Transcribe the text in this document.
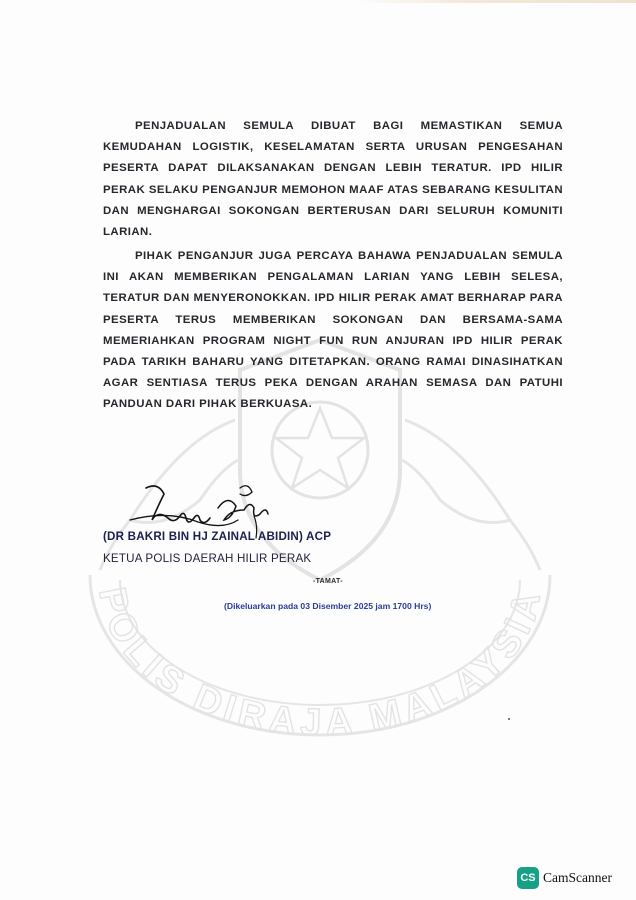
POLIS DIRAJA MALAYSIA

PENJADUALAN SEMULA DIBUAT BAGI MEMASTIKAN SEMUA KEMUDAHAN LOGISTIK, KESELAMATAN SERTA URUSAN PENGESAHAN PESERTA DAPAT DILAKSANAKAN DENGAN LEBIH TERATUR. IPD HILIR PERAK SELAKU PENGANJUR MEMOHON MAAF ATAS SEBARANG KESULITAN DAN MENGHARGAI SOKONGAN BERTERUSAN DARI SELURUH KOMUNITI LARIAN.

PIHAK PENGANJUR JUGA PERCAYA BAHAWA PENJADUALAN SEMULA INI AKAN MEMBERIKAN PENGALAMAN LARIAN YANG LEBIH SELESA, TERATUR DAN MENYERONOKKAN. IPD HILIR PERAK AMAT BERHARAP PARA PESERTA TERUS MEMBERIKAN SOKONGAN DAN BERSAMA-SAMA MEMERIAHKAN PROGRAM NIGHT FUN RUN ANJURAN IPD HILIR PERAK PADA TARIKH BAHARU YANG DITETAPKAN. ORANG RAMAI DINASIHATKAN AGAR SENTIASA TERUS PEKA DENGAN ARAHAN SEMASA DAN PATUHI PANDUAN DARI PIHAK BERKUASA.

(DR BAKRI BIN HJ ZAINAL ABIDIN) ACP
KETUA POLIS DAERAH HILIR PERAK
-TAMAT-
(Dikeluarkan pada 03 Disember 2025 jam 1700 Hrs)
CS CamScanner
